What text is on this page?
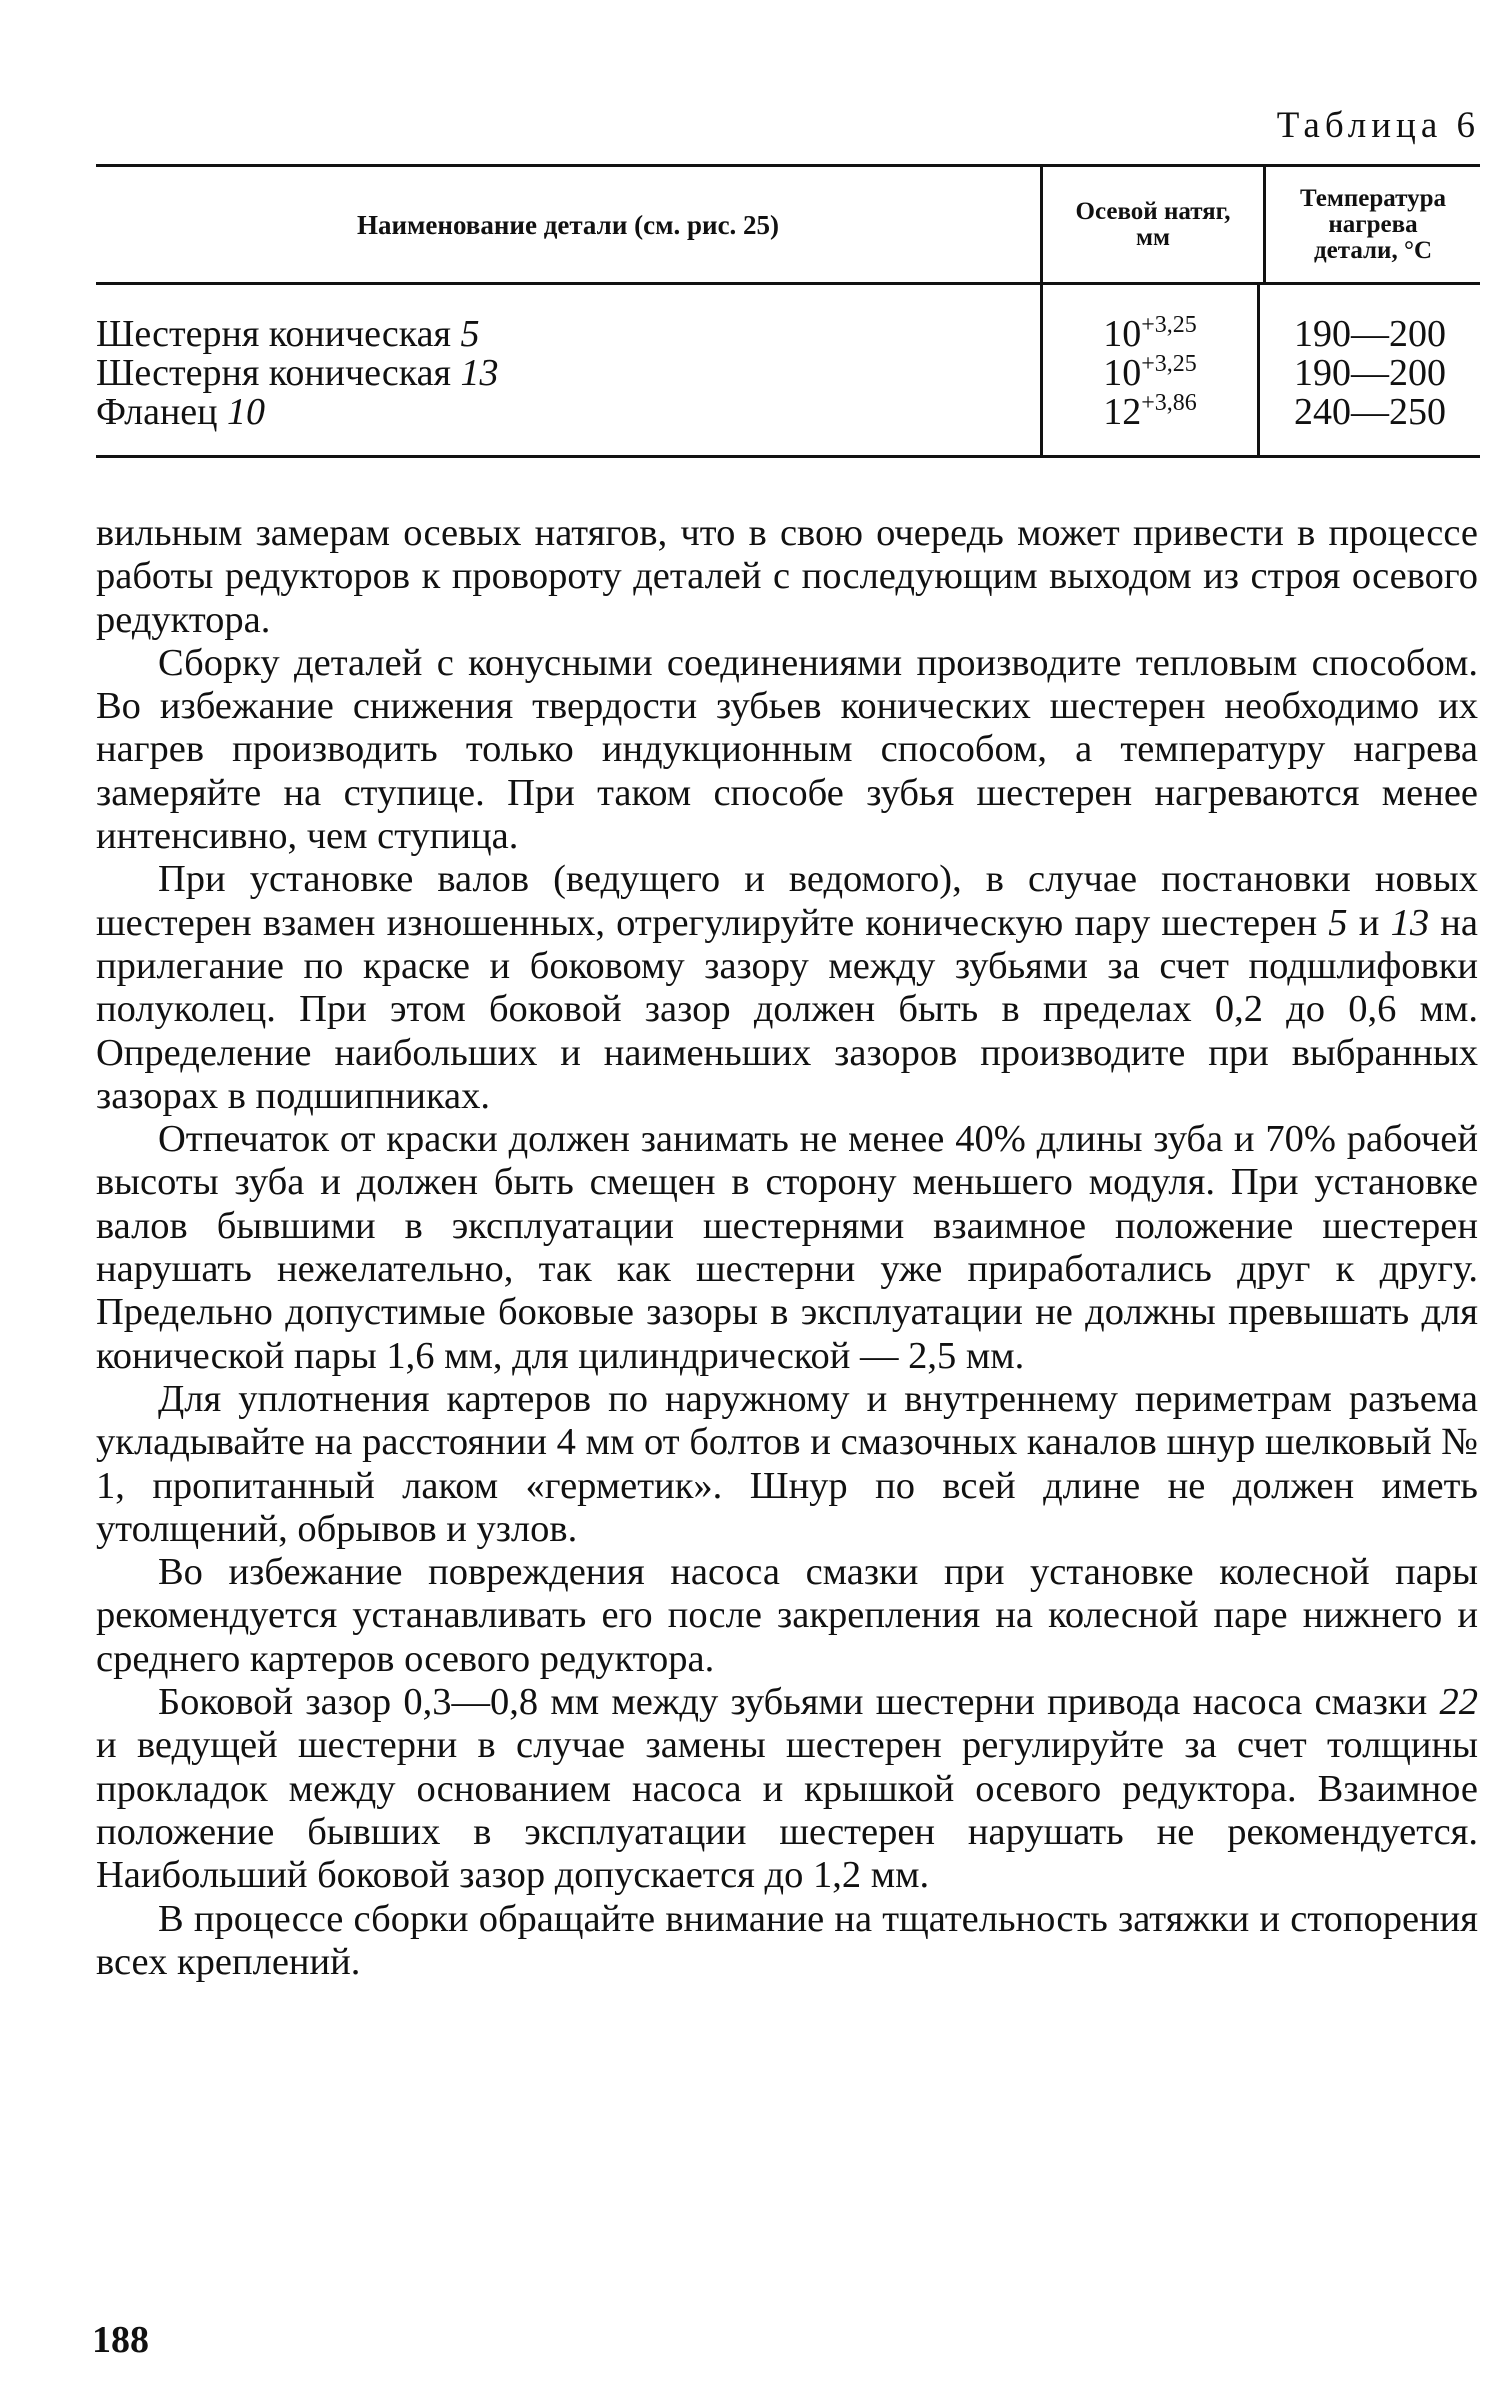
Таблица 6
Наименование детали (см. рис. 25)	Осевой натяг,
мм
Температура
нагрева
детали, °С
Шестерня коническая 5
Шестерня коническая 13
Фланец 10
$10^{+3,25}$
$10^{+3,25}$
$12^{+3,86}$
190—200
190—200
240—250

вильным замерам осевых натягов, что в свою очередь может привести в процессе работы редукторов к провороту деталей с последующим выходом из строя осевого редуктора.

Сборку деталей с конусными соединениями производите тепловым способом. Во избежание снижения твердости зубьев конических шестерен необходимо их нагрев производить только индукционным способом, а температуру нагрева замеряйте на ступице. При таком способе зубья шестерен нагреваются менее интенсивно, чем ступица.

При установке валов (ведущего и ведомого), в случае постановки новых шестерен взамен изношенных, отрегулируйте коническую пару шестерен 5 и 13 на прилегание по краске и боковому зазору между зубьями за счет подшлифовки полуколец. При этом боковой зазор должен быть в пределах 0,2 до 0,6 мм. Определение наибольших и наименьших зазоров производите при выбранных зазорах в подшипниках.

Отпечаток от краски должен занимать не менее 40% длины зуба и 70% рабочей высоты зуба и должен быть смещен в сторону меньшего модуля. При установке валов бывшими в эксплуатации шестернями взаимное положение шестерен нарушать нежелательно, так как шестерни уже приработались друг к другу. Предельно допустимые боковые зазоры в эксплуатации не должны превышать для конической пары 1,6 мм, для цилиндрической — 2,5 мм.

Для уплотнения картеров по наружному и внутреннему периметрам разъема укладывайте на расстоянии 4 мм от болтов и смазочных каналов шнур шелковый № 1, пропитанный лаком «герметик». Шнур по всей длине не должен иметь утолщений, обрывов и узлов.

Во избежание повреждения насоса смазки при установке колесной пары рекомендуется устанавливать его после закрепления на колесной паре нижнего и среднего картеров осевого редуктора.

Боковой зазор 0,3—0,8 мм между зубьями шестерни привода насоса смазки 22 и ведущей шестерни в случае замены шестерен регулируйте за счет толщины прокладок между основанием насоса и крышкой осевого редуктора. Взаимное положение бывших в эксплуатации шестерен нарушать не рекомендуется. Наибольший боковой зазор допускается до 1,2 мм.

В процессе сборки обращайте внимание на тщательность затяжки и стопорения всех креплений.

188
